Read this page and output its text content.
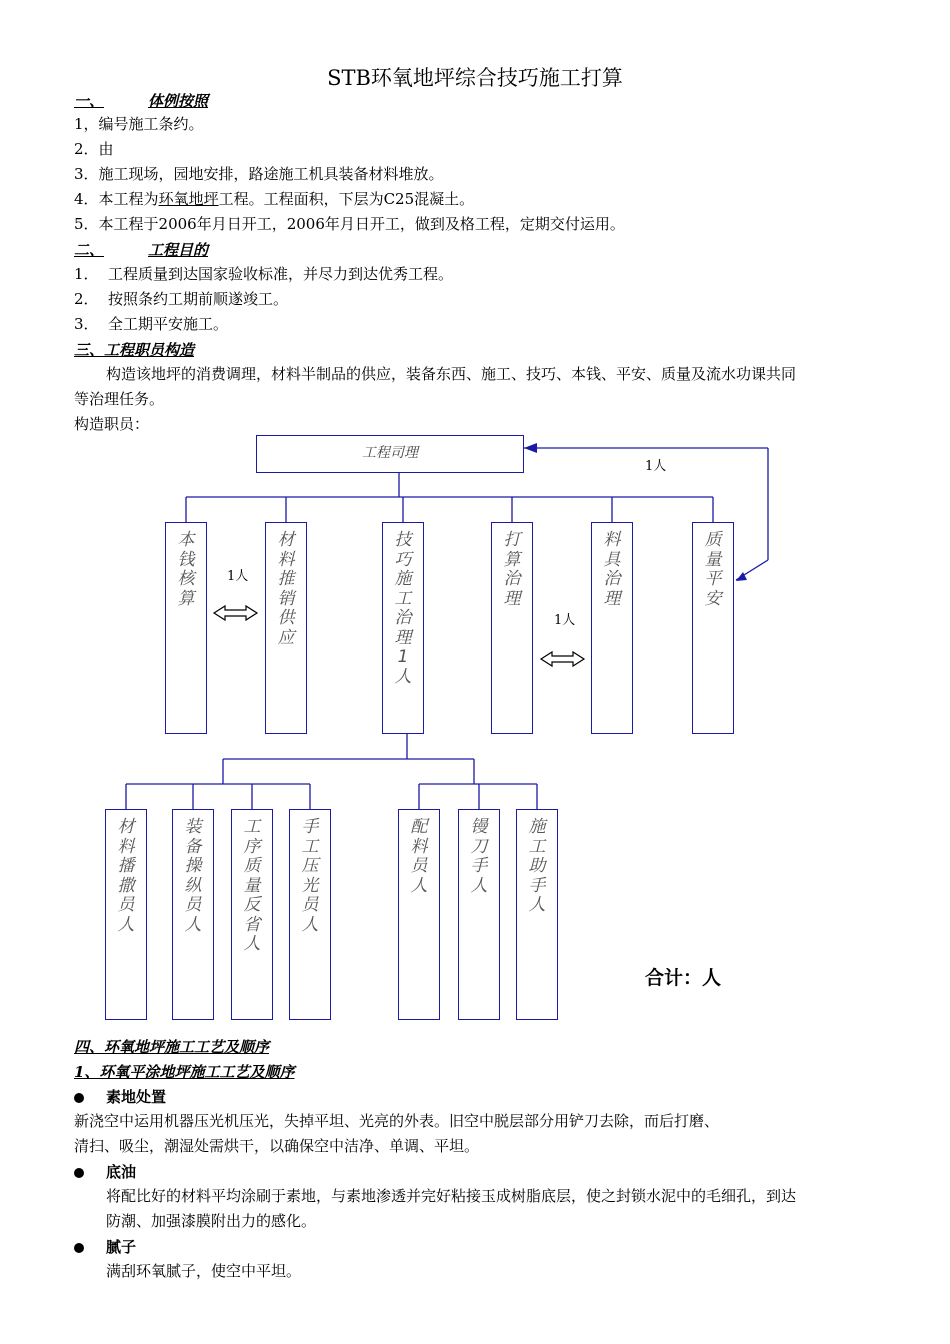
STB环氧地坪综合技巧施工打算
一、	体例按照
1，编号施工条约。
2．由
3．施工现场，园地安排，路途施工机具装备材料堆放。
4．本工程为环氧地坪工程。工程面积，下层为C25混凝土。
5．本工程于2006年月日开工，2006年月日开工，做到及格工程，定期交付运用。
二、	工程目的
1． 工程质量到达国家验收标准，并尽力到达优秀工程。
2． 按照条约工期前顺遂竣工。
3． 全工期平安施工。
三、工程职员构造
构造该地坪的消费调理，材料半制品的供应，装备东西、施工、技巧、本钱、平安、质量及流水功课共同
等治理任务。
构造职员：
工程司理
本钱核算
材料推销供应
技巧施工治理1人
打算治理
料具治理
质量平安
材料播撒员人
装备操纵员人
工序质量反省人
手工压光员人
配料员人
镘刀手人
施工助手人
1人
1人
1人
合计：人
四、环氧地坪施工工艺及顺序
1、环氧平涂地坪施工工艺及顺序
素地处置
新浇空中运用机器压光机压光，失掉平坦、光亮的外表。旧空中脱层部分用铲刀去除，而后打磨、
清扫、吸尘，潮湿处需烘干，以确保空中洁净、单调、平坦。
底油
将配比好的材料平均涂刷于素地，与素地渗透并完好粘接玉成树脂底层，使之封锁水泥中的毛细孔，到达
防潮、加强漆膜附出力的感化。
腻子
满刮环氧腻子，使空中平坦。
